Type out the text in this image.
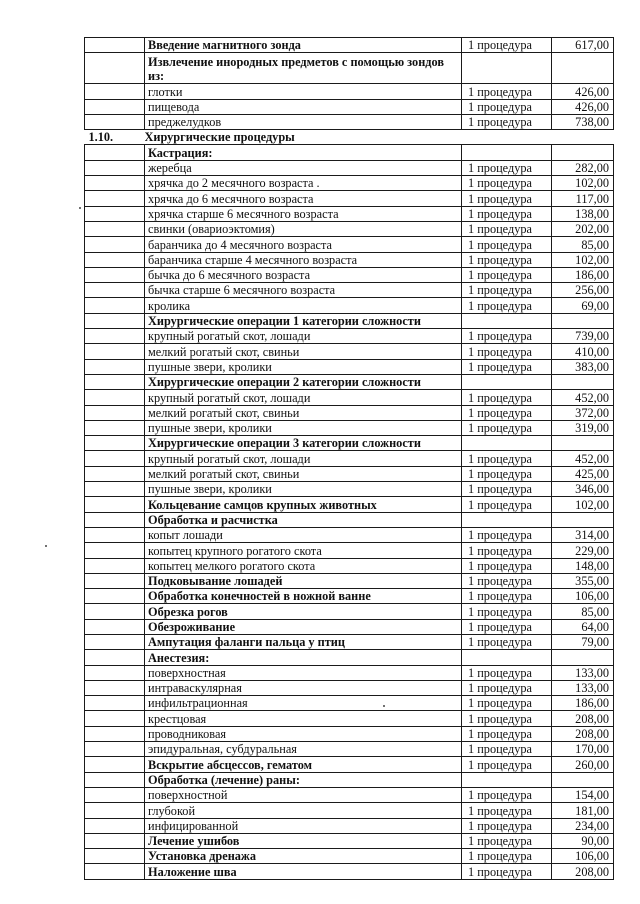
	Введение магнитного зонда	1 процедура	617,00
	Извлечение инородных предметов с помощью зондов из:		
	глотки	1 процедура	426,00
	пищевода	1 процедура	426,00
	преджелудков	1 процедура	738,00
1.10.	Хирургические процедуры		
	Кастрация:		
	жеребца	1 процедура	282,00
	хрячка до 2 месячного возраста .	1 процедура	102,00
	хрячка до 6 месячного возраста	1 процедура	117,00
	хрячка старше 6 месячного возраста	1 процедура	138,00
	свинки (овариоэктомия)	1 процедура	202,00
	баранчика до 4 месячного возраста	1 процедура	85,00
	баранчика старше 4 месячного возраста	1 процедура	102,00
	бычка до 6 месячного возраста	1 процедура	186,00
	бычка старше 6 месячного возраста	1 процедура	256,00
	кролика	1 процедура	69,00
	Хирургические операции 1 категории сложности		
	крупный рогатый скот, лошади	1 процедура	739,00
	мелкий рогатый скот, свиньи	1 процедура	410,00
	пушные звери, кролики	1 процедура	383,00
	Хирургические операции 2 категории сложности		
	крупный рогатый скот, лошади	1 процедура	452,00
	мелкий рогатый скот, свиньи	1 процедура	372,00
	пушные звери, кролики	1 процедура	319,00
	Хирургические операции 3 категории сложности		
	крупный рогатый скот, лошади	1 процедура	452,00
	мелкий рогатый скот, свиньи	1 процедура	425,00
	пушные звери, кролики	1 процедура	346,00
	Кольцевание самцов крупных животных	1 процедура	102,00
	Обработка и расчистка		
	копыт лошади	1 процедура	314,00
	копытец крупного рогатого скота	1 процедура	229,00
	копытец мелкого рогатого скота	1 процедура	148,00
	Подковывание лошадей	1 процедура	355,00
	Обработка конечностей в ножной ванне	1 процедура	106,00
	Обрезка рогов	1 процедура	85,00
	Обезроживание	1 процедура	64,00
	Ампутация фаланги пальца у птиц	1 процедура	79,00
	Анестезия:		
	поверхностная	1 процедура	133,00
	интраваскулярная	1 процедура	133,00
	инфильтрационная	1 процедура	186,00
	крестцовая	1 процедура	208,00
	проводниковая	1 процедура	208,00
	эпидуральная, субдуральная	1 процедура	170,00
	Вскрытие абсцессов, гематом	1 процедура	260,00
	Обработка (лечение) раны:		
	поверхностной	1 процедура	154,00
	глубокой	1 процедура	181,00
	инфицированной	1 процедура	234,00
	Лечение ушибов	1 процедура	90,00
	Установка дренажа	1 процедура	106,00
	Наложение шва	1 процедура	208,00
